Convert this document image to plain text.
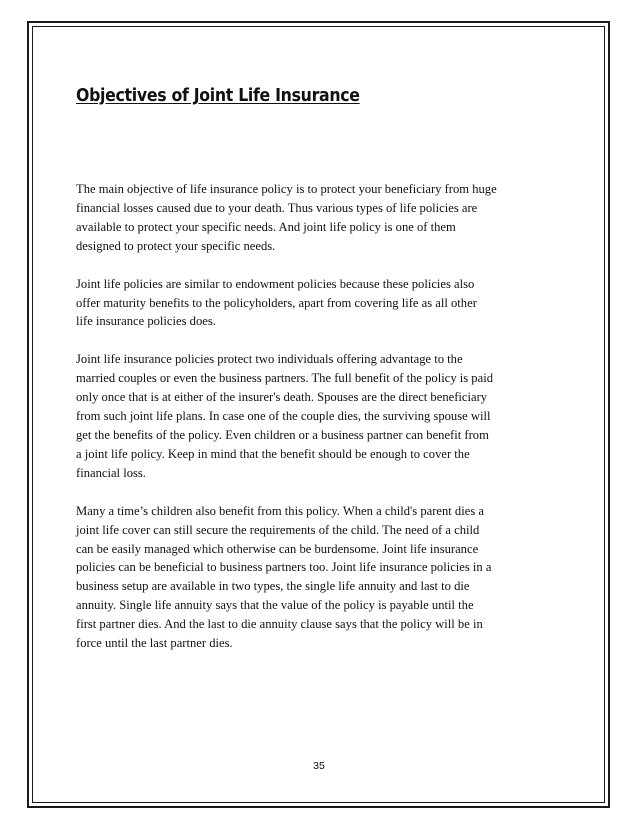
Objectives of Joint Life Insurance

The main objective of life insurance policy is to protect your beneficiary from huge
financial losses caused due to your death. Thus various types of life policies are
available to protect your specific needs. And joint life policy is one of them
designed to protect your specific needs.

Joint life policies are similar to endowment policies because these policies also
offer maturity benefits to the policyholders, apart from covering life as all other
life insurance policies does.

Joint life insurance policies protect two individuals offering advantage to the
married couples or even the business partners. The full benefit of the policy is paid
only once that is at either of the insurer's death. Spouses are the direct beneficiary
from such joint life plans. In case one of the couple dies, the surviving spouse will
get the benefits of the policy. Even children or a business partner can benefit from
a joint life policy. Keep in mind that the benefit should be enough to cover the
financial loss.

Many a time’s children also benefit from this policy. When a child's parent dies a
joint life cover can still secure the requirements of the child. The need of a child
can be easily managed which otherwise can be burdensome. Joint life insurance
policies can be beneficial to business partners too. Joint life insurance policies in a
business setup are available in two types, the single life annuity and last to die
annuity. Single life annuity says that the value of the policy is payable until the
first partner dies. And the last to die annuity clause says that the policy will be in
force until the last partner dies.

35
